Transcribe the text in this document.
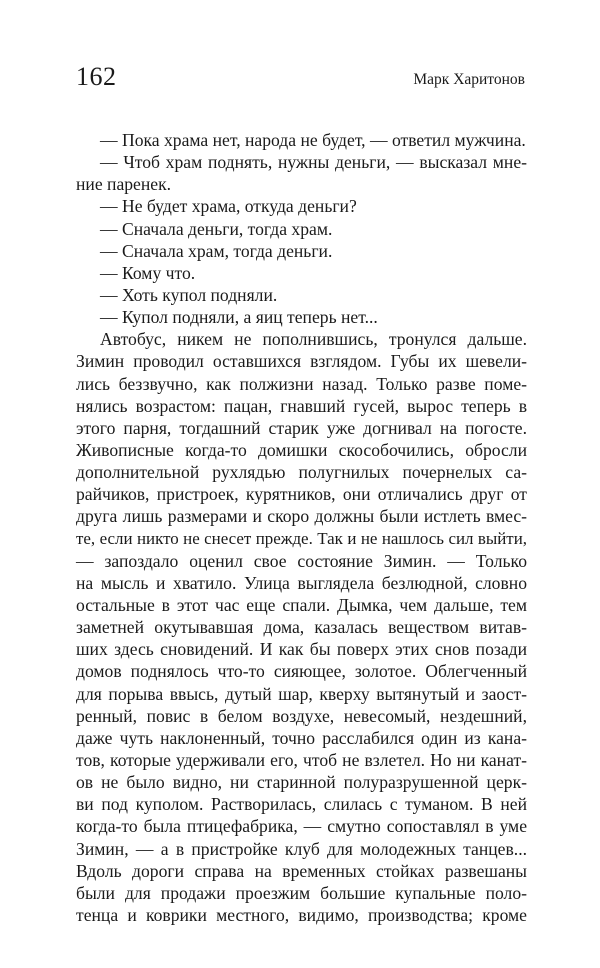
162	Марк Харитонов
— Пока храма нет, народа не будет, — ответил мужчина.
— Чтоб храм поднять, нужны деньги, — высказал мне-
ние паренек.
— Не будет храма, откуда деньги?
— Сначала деньги, тогда храм.
— Сначала храм, тогда деньги.
— Кому что.
— Хоть купол подняли.
— Купол подняли, а яиц теперь нет...
Автобус, никем не пополнившись, тронулся дальше.
Зимин проводил оставшихся взглядом. Губы их шевели-
лись беззвучно, как полжизни назад. Только разве поме-
нялись возрастом: пацан, гнавший гусей, вырос теперь в
этого парня, тогдашний старик уже догнивал на погосте.
Живописные когда-то домишки скособочились, обросли
дополнительной рухлядью полугнилых почернелых са-
райчиков, пристроек, курятников, они отличались друг от
друга лишь размерами и скоро должны были истлеть вмес-
те, если никто не снесет прежде. Так и не нашлось сил выйти,
— запоздало оценил свое состояние Зимин. — Только
на мысль и хватило. Улица выглядела безлюдной, словно
остальные в этот час еще спали. Дымка, чем дальше, тем
заметней окутывавшая дома, казалась веществом витав-
ших здесь сновидений. И как бы поверх этих снов позади
домов поднялось что-то сияющее, золотое. Облегченный
для порыва ввысь, дутый шар, кверху вытянутый и заост-
ренный, повис в белом воздухе, невесомый, нездешний,
даже чуть наклоненный, точно расслабился один из кана-
тов, которые удерживали его, чтоб не взлетел. Но ни канат-
ов не было видно, ни старинной полуразрушенной церк-
ви под куполом. Растворилась, слилась с туманом. В ней
когда-то была птицефабрика, — смутно сопоставлял в уме
Зимин, — а в пристройке клуб для молодежных танцев...
Вдоль дороги справа на временных стойках развешаны
были для продажи проезжим большие купальные поло-
тенца и коврики местного, видимо, производства; кроме
